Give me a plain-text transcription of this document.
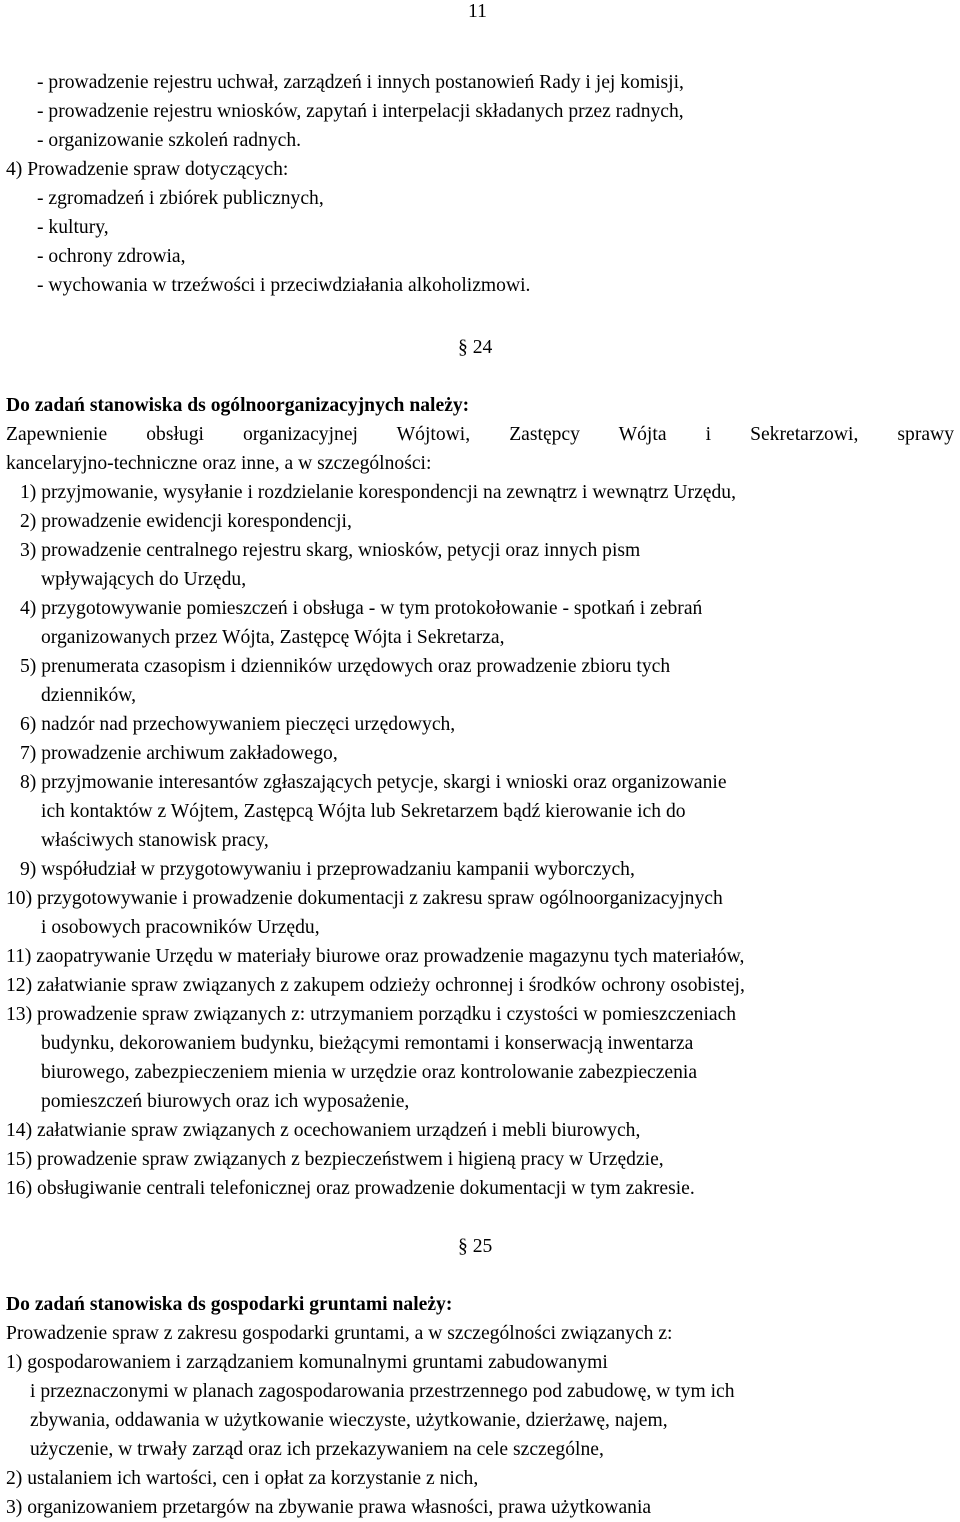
11
- prowadzenie rejestru uchwał, zarządzeń i innych postanowień Rady i jej komisji,
- prowadzenie rejestru wniosków, zapytań i interpelacji składanych przez radnych,
- organizowanie szkoleń radnych.
4) Prowadzenie spraw dotyczących:
- zgromadzeń i zbiórek publicznych,
- kultury,
- ochrony zdrowia,
- wychowania w trzeźwości i przeciwdziałania alkoholizmowi.
§ 24
Do zadań stanowiska ds ogólnoorganizacyjnych należy:
Zapewnienie obsługi organizacyjnej Wójtowi, Zastępcy Wójta i Sekretarzowi, sprawy
kancelaryjno-techniczne oraz inne, a w szczególności:
1) przyjmowanie, wysyłanie i rozdzielanie korespondencji na zewnątrz i wewnątrz Urzędu,
2) prowadzenie ewidencji korespondencji,
3) prowadzenie centralnego rejestru skarg, wniosków, petycji oraz innych pism
wpływających do Urzędu,
4) przygotowywanie pomieszczeń i obsługa - w tym protokołowanie - spotkań i zebrań
organizowanych przez Wójta, Zastępcę Wójta i Sekretarza,
5) prenumerata czasopism i dzienników urzędowych oraz prowadzenie zbioru tych
dzienników,
6) nadzór nad przechowywaniem pieczęci urzędowych,
7) prowadzenie archiwum zakładowego,
8) przyjmowanie interesantów zgłaszających petycje, skargi i wnioski oraz organizowanie
ich kontaktów z Wójtem, Zastępcą Wójta lub Sekretarzem bądź kierowanie ich do
właściwych stanowisk pracy,
9) współudział w przygotowywaniu i przeprowadzaniu kampanii wyborczych,
10) przygotowywanie i prowadzenie dokumentacji z zakresu spraw ogólnoorganizacyjnych
i osobowych pracowników Urzędu,
11) zaopatrywanie Urzędu w materiały biurowe oraz prowadzenie magazynu tych materiałów,
12) załatwianie spraw związanych z zakupem odzieży ochronnej i środków ochrony osobistej,
13) prowadzenie spraw związanych z: utrzymaniem porządku i czystości w pomieszczeniach
budynku, dekorowaniem budynku, bieżącymi remontami i konserwacją inwentarza
biurowego, zabezpieczeniem mienia w urzędzie oraz kontrolowanie zabezpieczenia
pomieszczeń biurowych oraz ich wyposażenie,
14) załatwianie spraw związanych z ocechowaniem urządzeń i mebli biurowych,
15) prowadzenie spraw związanych z bezpieczeństwem i higieną pracy w Urzędzie,
16) obsługiwanie centrali telefonicznej oraz prowadzenie dokumentacji w tym zakresie.
§ 25
Do zadań stanowiska ds gospodarki gruntami należy:
Prowadzenie spraw z zakresu gospodarki gruntami, a w szczególności związanych z:
1) gospodarowaniem i zarządzaniem komunalnymi gruntami zabudowanymi
i przeznaczonymi w planach zagospodarowania przestrzennego pod zabudowę, w tym ich
zbywania, oddawania w użytkowanie wieczyste, użytkowanie, dzierżawę, najem,
użyczenie, w trwały zarząd oraz ich przekazywaniem na cele szczególne,
2) ustalaniem ich wartości, cen i opłat za korzystanie z nich,
3) organizowaniem przetargów na zbywanie prawa własności, prawa użytkowania
